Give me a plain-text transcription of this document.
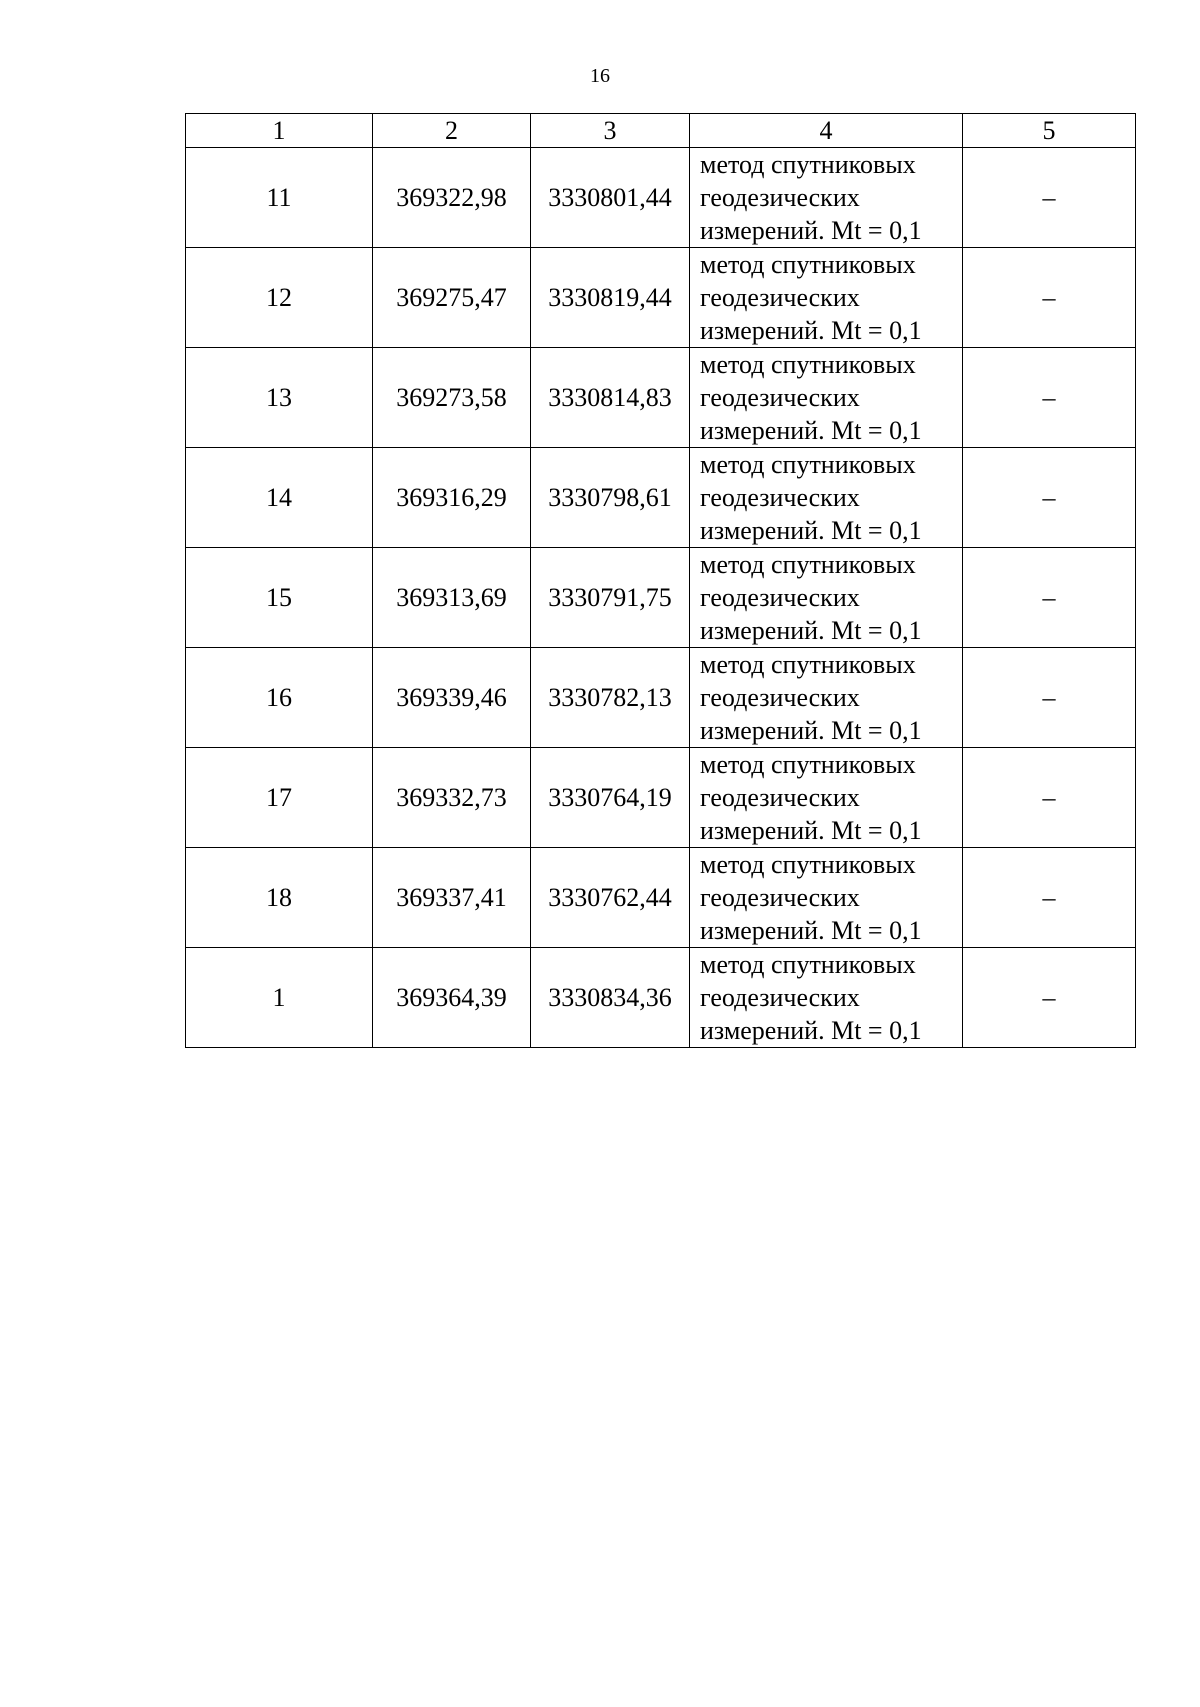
16
1	2	3	4	5
11	369322,98	3330801,44	метод спутниковых геодезических измерений. Mt = 0,1	–
12	369275,47	3330819,44	метод спутниковых геодезических измерений. Mt = 0,1	–
13	369273,58	3330814,83	метод спутниковых геодезических измерений. Mt = 0,1	–
14	369316,29	3330798,61	метод спутниковых геодезических измерений. Mt = 0,1	–
15	369313,69	3330791,75	метод спутниковых геодезических измерений. Mt = 0,1	–
16	369339,46	3330782,13	метод спутниковых геодезических измерений. Mt = 0,1	–
17	369332,73	3330764,19	метод спутниковых геодезических измерений. Mt = 0,1	–
18	369337,41	3330762,44	метод спутниковых геодезических измерений. Mt = 0,1	–
1	369364,39	3330834,36	метод спутниковых геодезических измерений. Mt = 0,1	–
